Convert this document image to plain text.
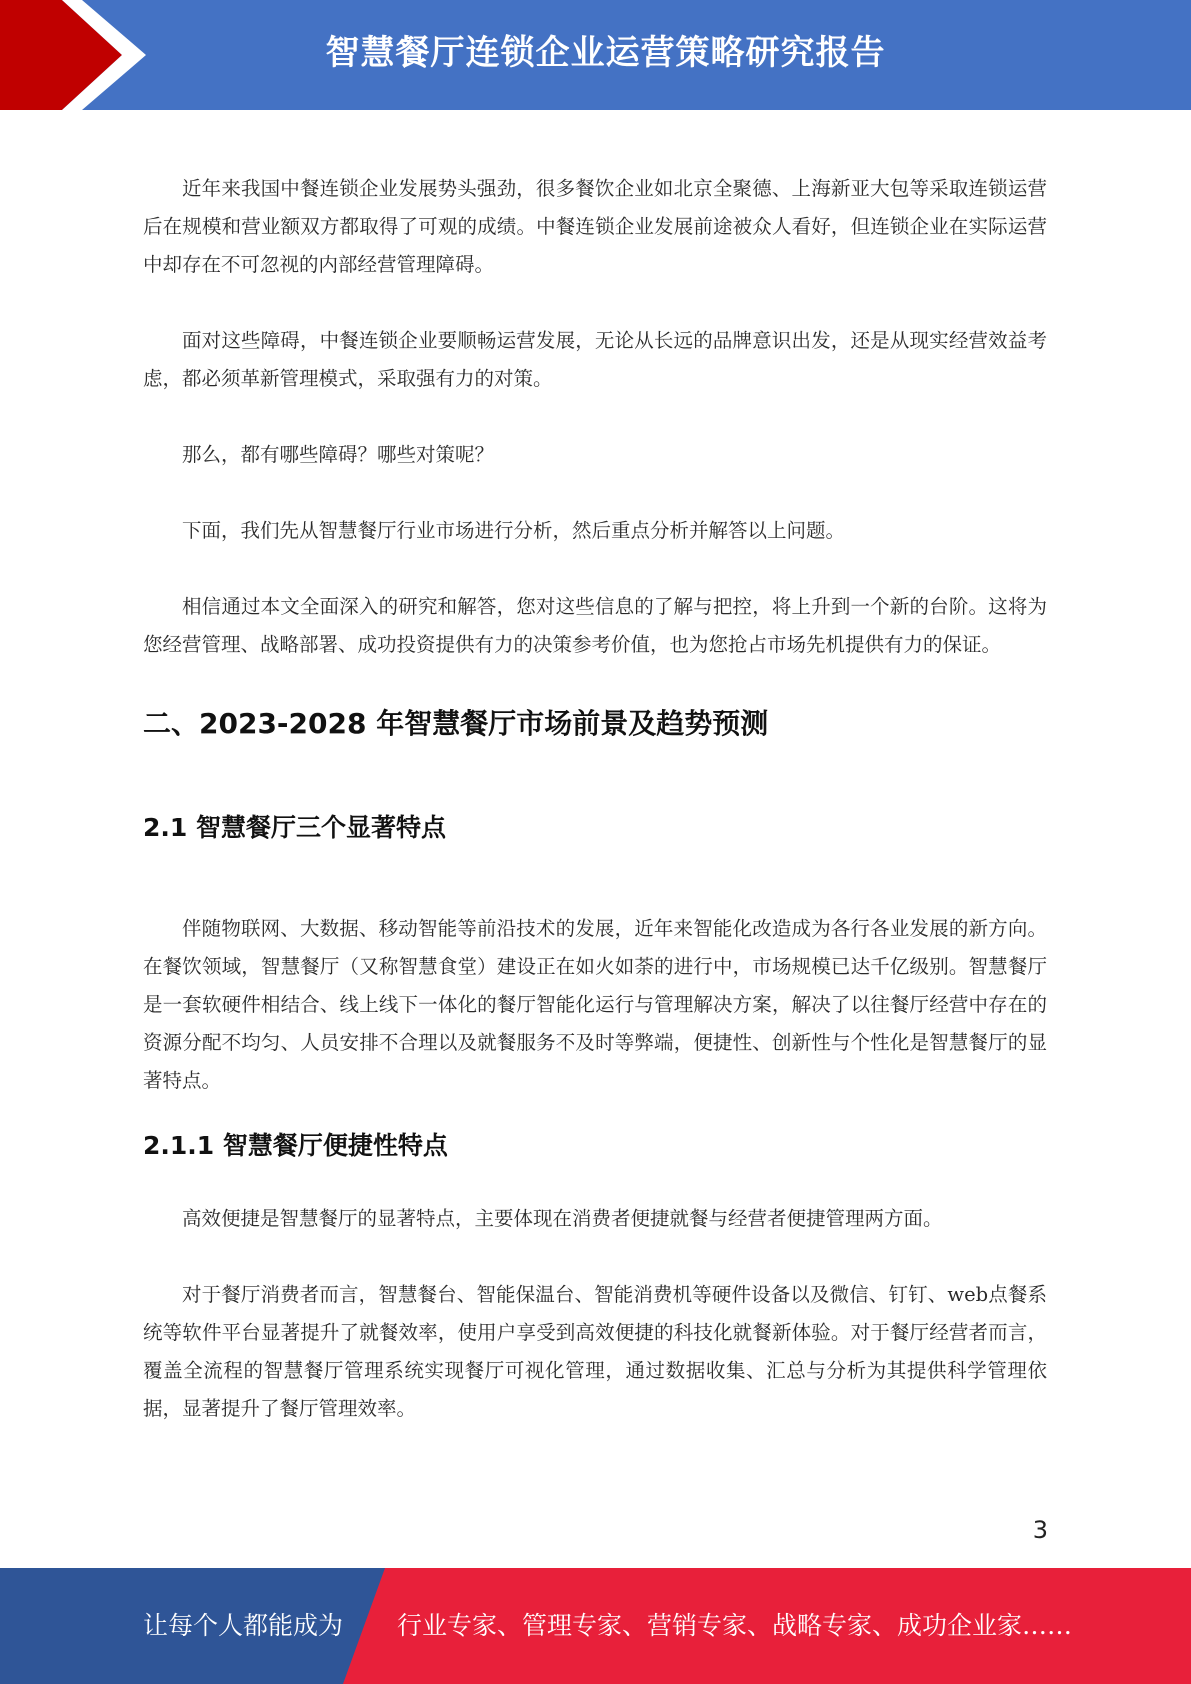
智慧餐厅连锁企业运营策略研究报告

近年来我国中餐连锁企业发展势头强劲，很多餐饮企业如北京全聚德、上海新亚大包等采取连锁运营后在规模和营业额双方都取得了可观的成绩。中餐连锁企业发展前途被众人看好，但连锁企业在实际运营中却存在不可忽视的内部经营管理障碍。

面对这些障碍，中餐连锁企业要顺畅运营发展，无论从长远的品牌意识出发，还是从现实经营效益考虑，都必须革新管理模式，采取强有力的对策。

那么，都有哪些障碍？哪些对策呢？

下面，我们先从智慧餐厅行业市场进行分析，然后重点分析并解答以上问题。

相信通过本文全面深入的研究和解答，您对这些信息的了解与把控，将上升到一个新的台阶。这将为您经营管理、战略部署、成功投资提供有力的决策参考价值，也为您抢占市场先机提供有力的保证。

二、2023-2028 年智慧餐厅市场前景及趋势预测
2.1 智慧餐厅三个显著特点

伴随物联网、大数据、移动智能等前沿技术的发展，近年来智能化改造成为各行各业发展的新方向。在餐饮领域，智慧餐厅（又称智慧食堂）建设正在如火如荼的进行中，市场规模已达千亿级别。智慧餐厅是一套软硬件相结合、线上线下一体化的餐厅智能化运行与管理解决方案，解决了以往餐厅经营中存在的资源分配不均匀、人员安排不合理以及就餐服务不及时等弊端，便捷性、创新性与个性化是智慧餐厅的显著特点。

2.1.1 智慧餐厅便捷性特点

高效便捷是智慧餐厅的显著特点，主要体现在消费者便捷就餐与经营者便捷管理两方面。

对于餐厅消费者而言，智慧餐台、智能保温台、智能消费机等硬件设备以及微信、钉钉、web点餐系统等软件平台显著提升了就餐效率，使用户享受到高效便捷的科技化就餐新体验。对于餐厅经营者而言，覆盖全流程的智慧餐厅管理系统实现餐厅可视化管理，通过数据收集、汇总与分析为其提供科学管理依据，显著提升了餐厅管理效率。

3
让每个人都能成为 行业专家、管理专家、营销专家、战略专家、成功企业家……
